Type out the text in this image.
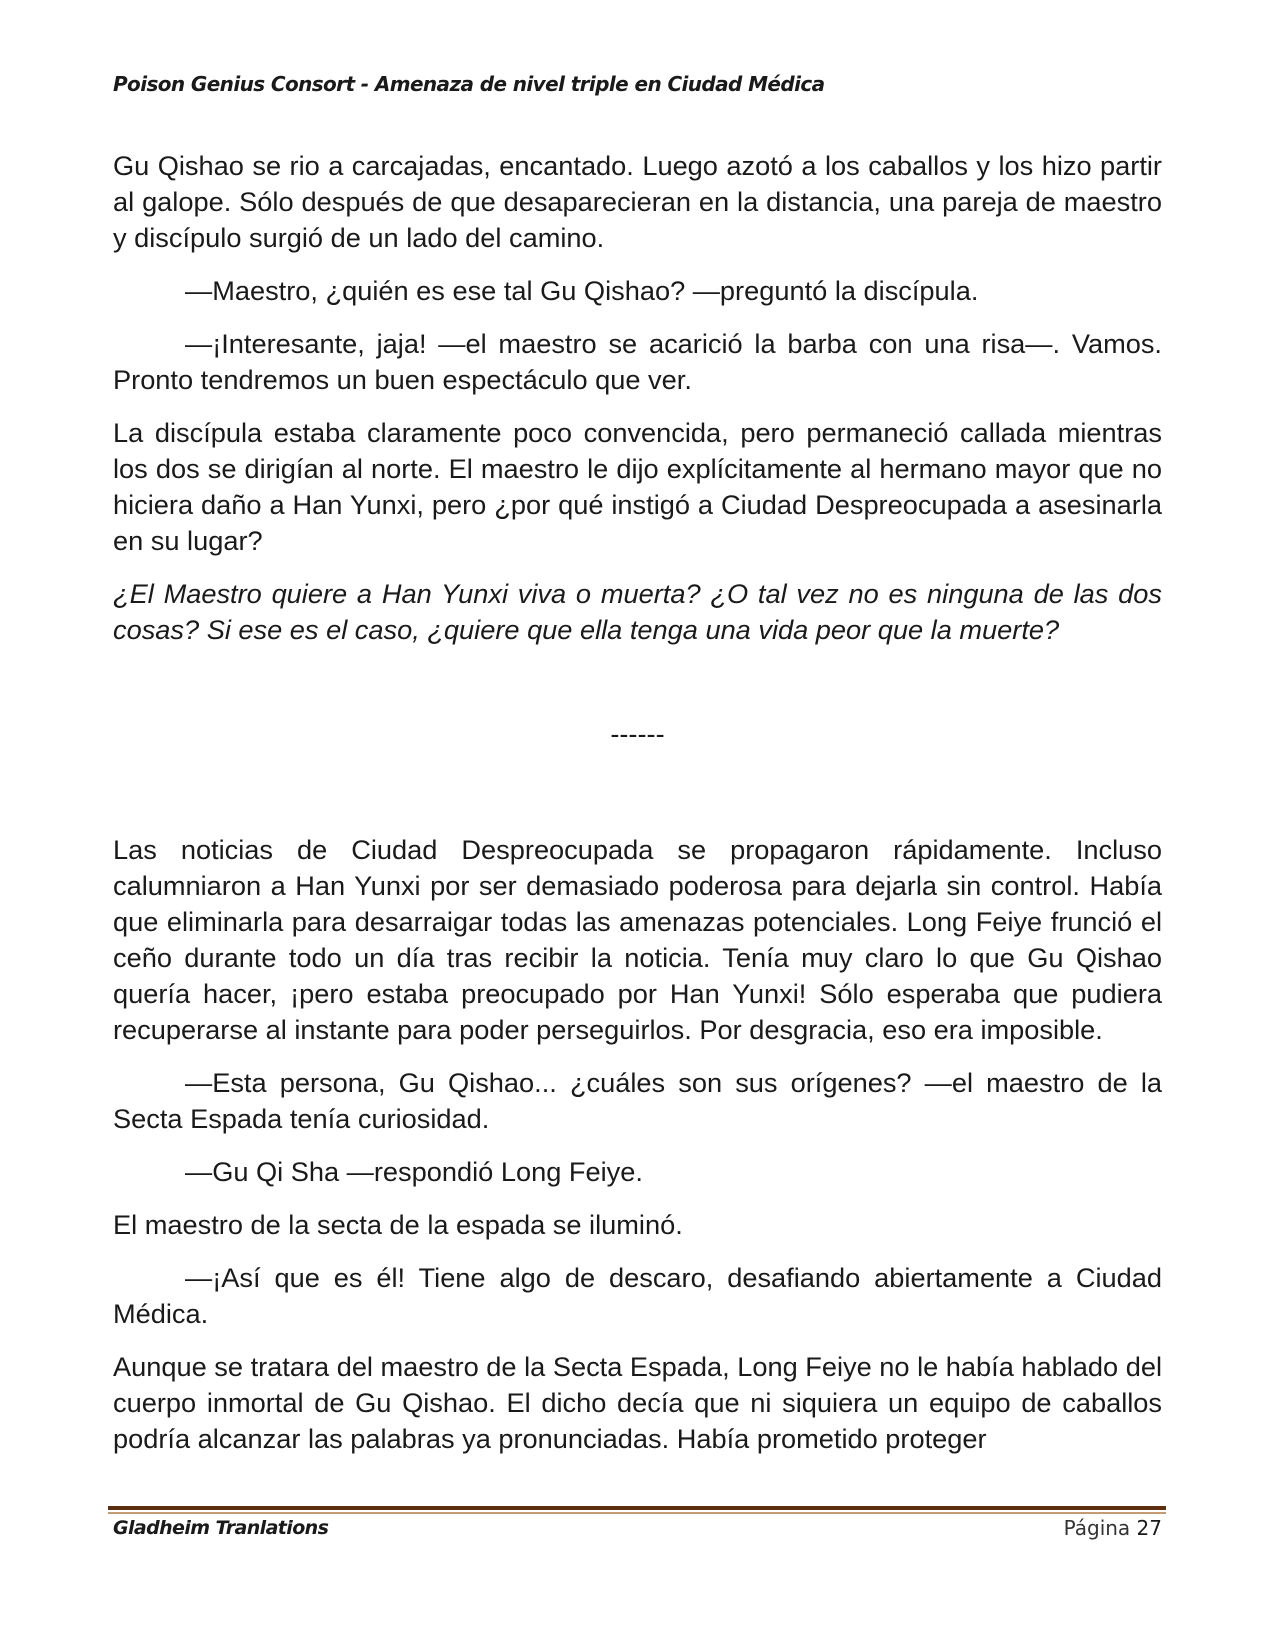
Poison Genius Consort - Amenaza de nivel triple en Ciudad Médica

Gu Qishao se rio a carcajadas, encantado. Luego azotó a los caballos y los hizo partir al galope. Sólo después de que desaparecieran en la distancia, una pareja de maestro y discípulo surgió de un lado del camino.

—Maestro, ¿quién es ese tal Gu Qishao? —preguntó la discípula.

—¡Interesante, jaja! —el maestro se acarició la barba con una risa—. Vamos. Pronto tendremos un buen espectáculo que ver.

La discípula estaba claramente poco convencida, pero permaneció callada mientras los dos se dirigían al norte. El maestro le dijo explícitamente al hermano mayor que no hiciera daño a Han Yunxi, pero ¿por qué instigó a Ciudad Despreocupada a asesinarla en su lugar?

¿El Maestro quiere a Han Yunxi viva o muerta? ¿O tal vez no es ninguna de las dos cosas? Si ese es el caso, ¿quiere que ella tenga una vida peor que la muerte?

------

Las noticias de Ciudad Despreocupada se propagaron rápidamente. Incluso calumniaron a Han Yunxi por ser demasiado poderosa para dejarla sin control. Había que eliminarla para desarraigar todas las amenazas potenciales. Long Feiye frunció el ceño durante todo un día tras recibir la noticia. Tenía muy claro lo que Gu Qishao quería hacer, ¡pero estaba preocupado por Han Yunxi! Sólo esperaba que pudiera recuperarse al instante para poder perseguirlos. Por desgracia, eso era imposible.

—Esta persona, Gu Qishao... ¿cuáles son sus orígenes? —el maestro de la Secta Espada tenía curiosidad.

—Gu Qi Sha —respondió Long Feiye.

El maestro de la secta de la espada se iluminó.

—¡Así que es él! Tiene algo de descaro, desafiando abiertamente a Ciudad Médica.

Aunque se tratara del maestro de la Secta Espada, Long Feiye no le había hablado del cuerpo inmortal de Gu Qishao. El dicho decía que ni siquiera un equipo de caballos podría alcanzar las palabras ya pronunciadas. Había prometido proteger

Gladheim Tranlations	Página 27
